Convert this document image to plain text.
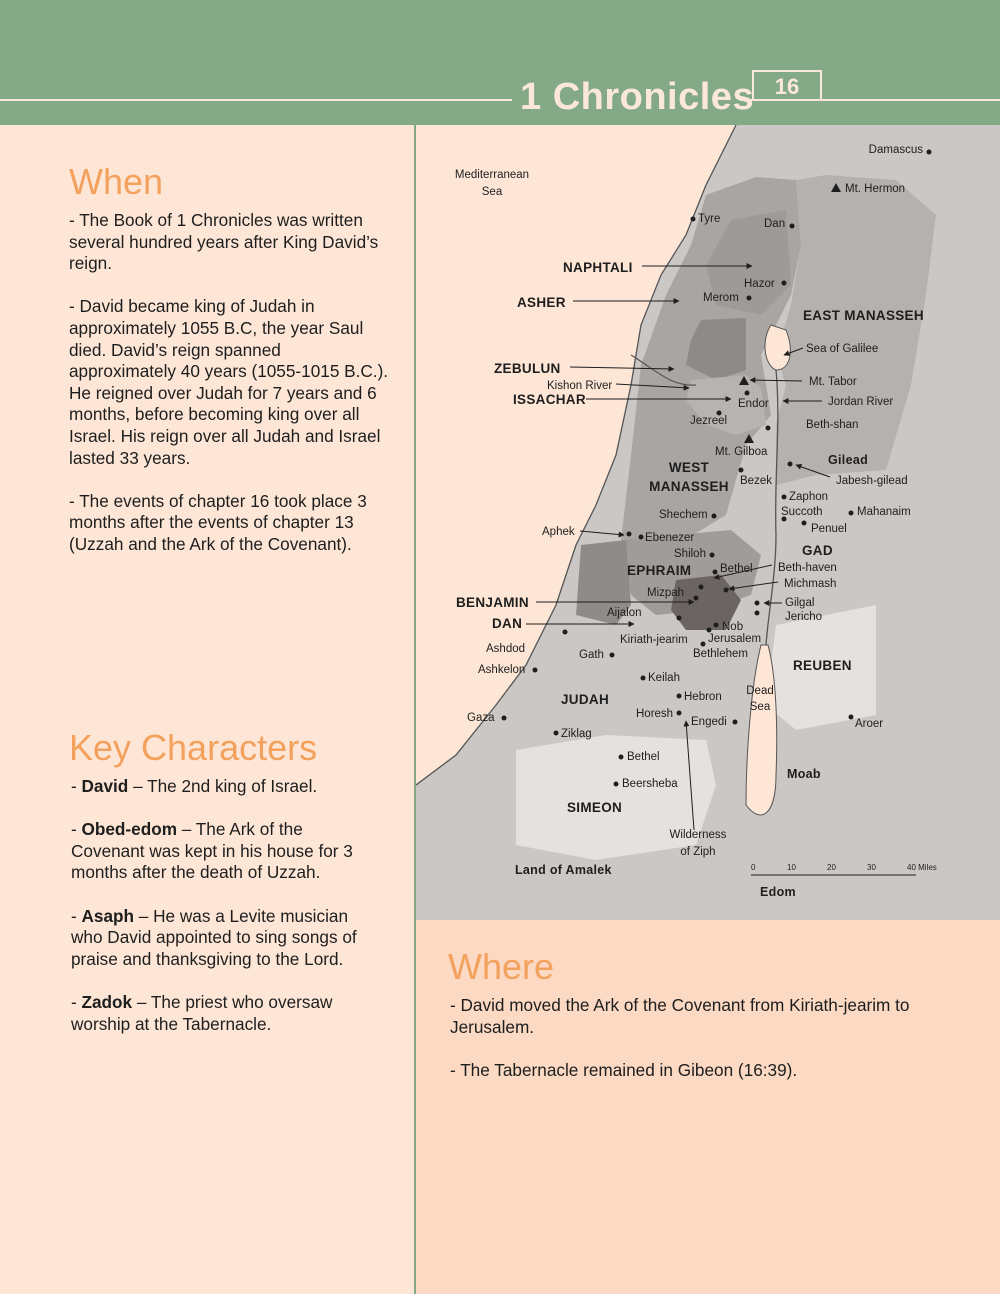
1 Chronicles 16
When

- The Book of 1 Chronicles was written several hundred years after King David’s reign.

- David became king of Judah in approximately 1055 B.C, the year Saul died. David’s reign spanned approximately 40 years (1055-1015 B.C.). He reigned over Judah for 7 years and 6 months, before becoming king over all Israel. His reign over all Judah and Israel lasted 33 years.

- The events of chapter 16 took place 3 months after the events of chapter 13 (Uzzah and the Ark of the Covenant).

Key Characters

- David – The 2nd king of Israel.

- Obed-edom – The Ark of the Covenant was kept in his house for 3 months after the death of Uzzah.

- Asaph – He was a Levite musician who David appointed to sing songs of praise and thanksgiving to the Lord.

- Zadok – The priest who oversaw worship at the Tabernacle.

Where

- David moved the Ark of the Covenant from Kiriath-jearim to Jerusalem.

- The Tabernacle remained in Gibeon (16:39).

Mediterranean
Sea
Damascus
Mt. Hermon
Tyre	Dan
Hazor
Merom
Sea of Galilee
Kishon River	Mt. Tabor
Endor	Jordan River
Jezreel	Beth-shan
Mt. Gilboa
Bezek	Jabesh-gilead
Zaphon
Succoth	Mahanaim
Penuel
Shechem
Aphek	Ebenezer
Shiloh
Bethel Beth-haven
Michmash
Mizpah
Gilgal
Jericho
Aijalon
Nob
Kiriath-jearim Jerusalem
Bethlehem
Ashdod	Gath
Ashkelon
Keilah
Hebron Dead
Sea
Gaza	Horesh
Engedi	Aroer
Ziklag
Bethel
Beersheba
Wilderness
of Ziph
NAPHTALI
ASHER
ZEBULUN
ISSACHAR
WEST
MANASSEH
EAST MANASSEH
EPHRAIM
BENJAMIN
DAN
JUDAH
SIMEON
GAD
REUBEN
Gilead
Moab
Edom
Land of Amalek	0	10	20	30	40 Miles
